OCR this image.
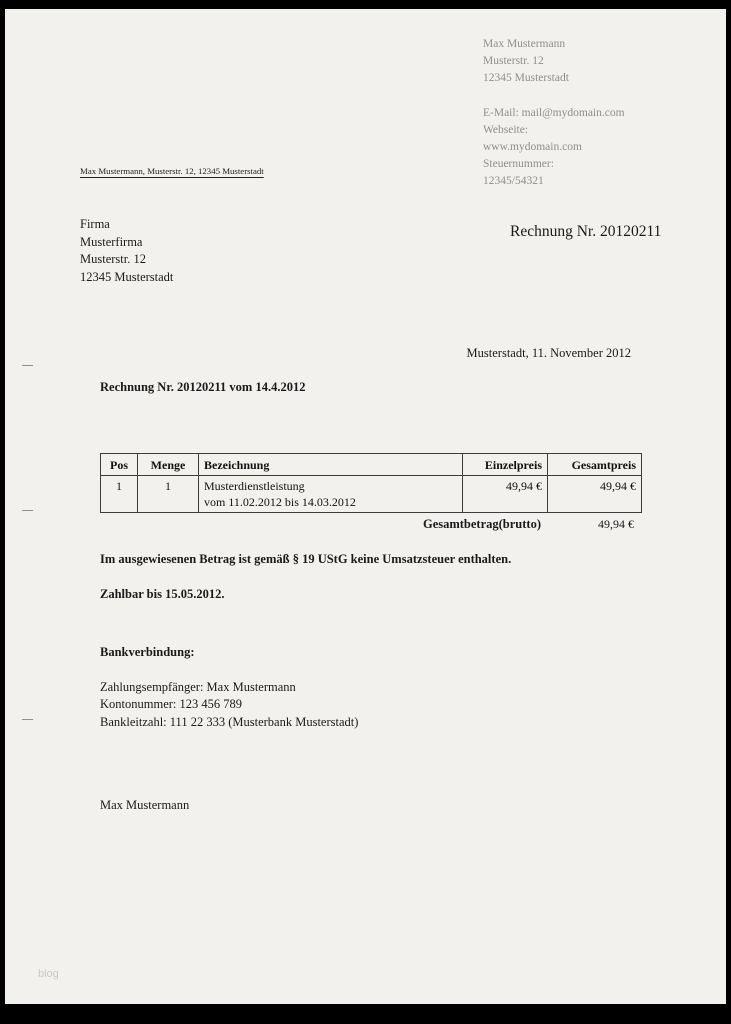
Max Mustermann
Musterstr. 12
12345 Musterstadt
E-Mail: mail@mydomain.com
Webseite:
www.mydomain.com
Steuernummer:
12345/54321
Max Mustermann, Musterstr. 12, 12345 Musterstadt
Firma
Musterfirma
Musterstr. 12
12345 Musterstadt
Rechnung Nr. 20120211
Musterstadt, 11. November 2012
Rechnung Nr. 20120211 vom 14.4.2012
Pos	Menge	Bezeichnung	Einzelpreis	Gesamtpreis
1	1	Musterdienstleistung
vom 11.02.2012 bis 14.03.2012	49,94 €	49,94 €
Gesamtbetrag(brutto)	49,94 €
Im ausgewiesenen Betrag ist gemäß § 19 UStG keine Umsatzsteuer enthalten.
Zahlbar bis 15.05.2012.
Bankverbindung:
Zahlungsempfänger: Max Mustermann
Kontonummer: 123 456 789
Bankleitzahl: 111 22 333 (Musterbank Musterstadt)
Max Mustermann
blog
